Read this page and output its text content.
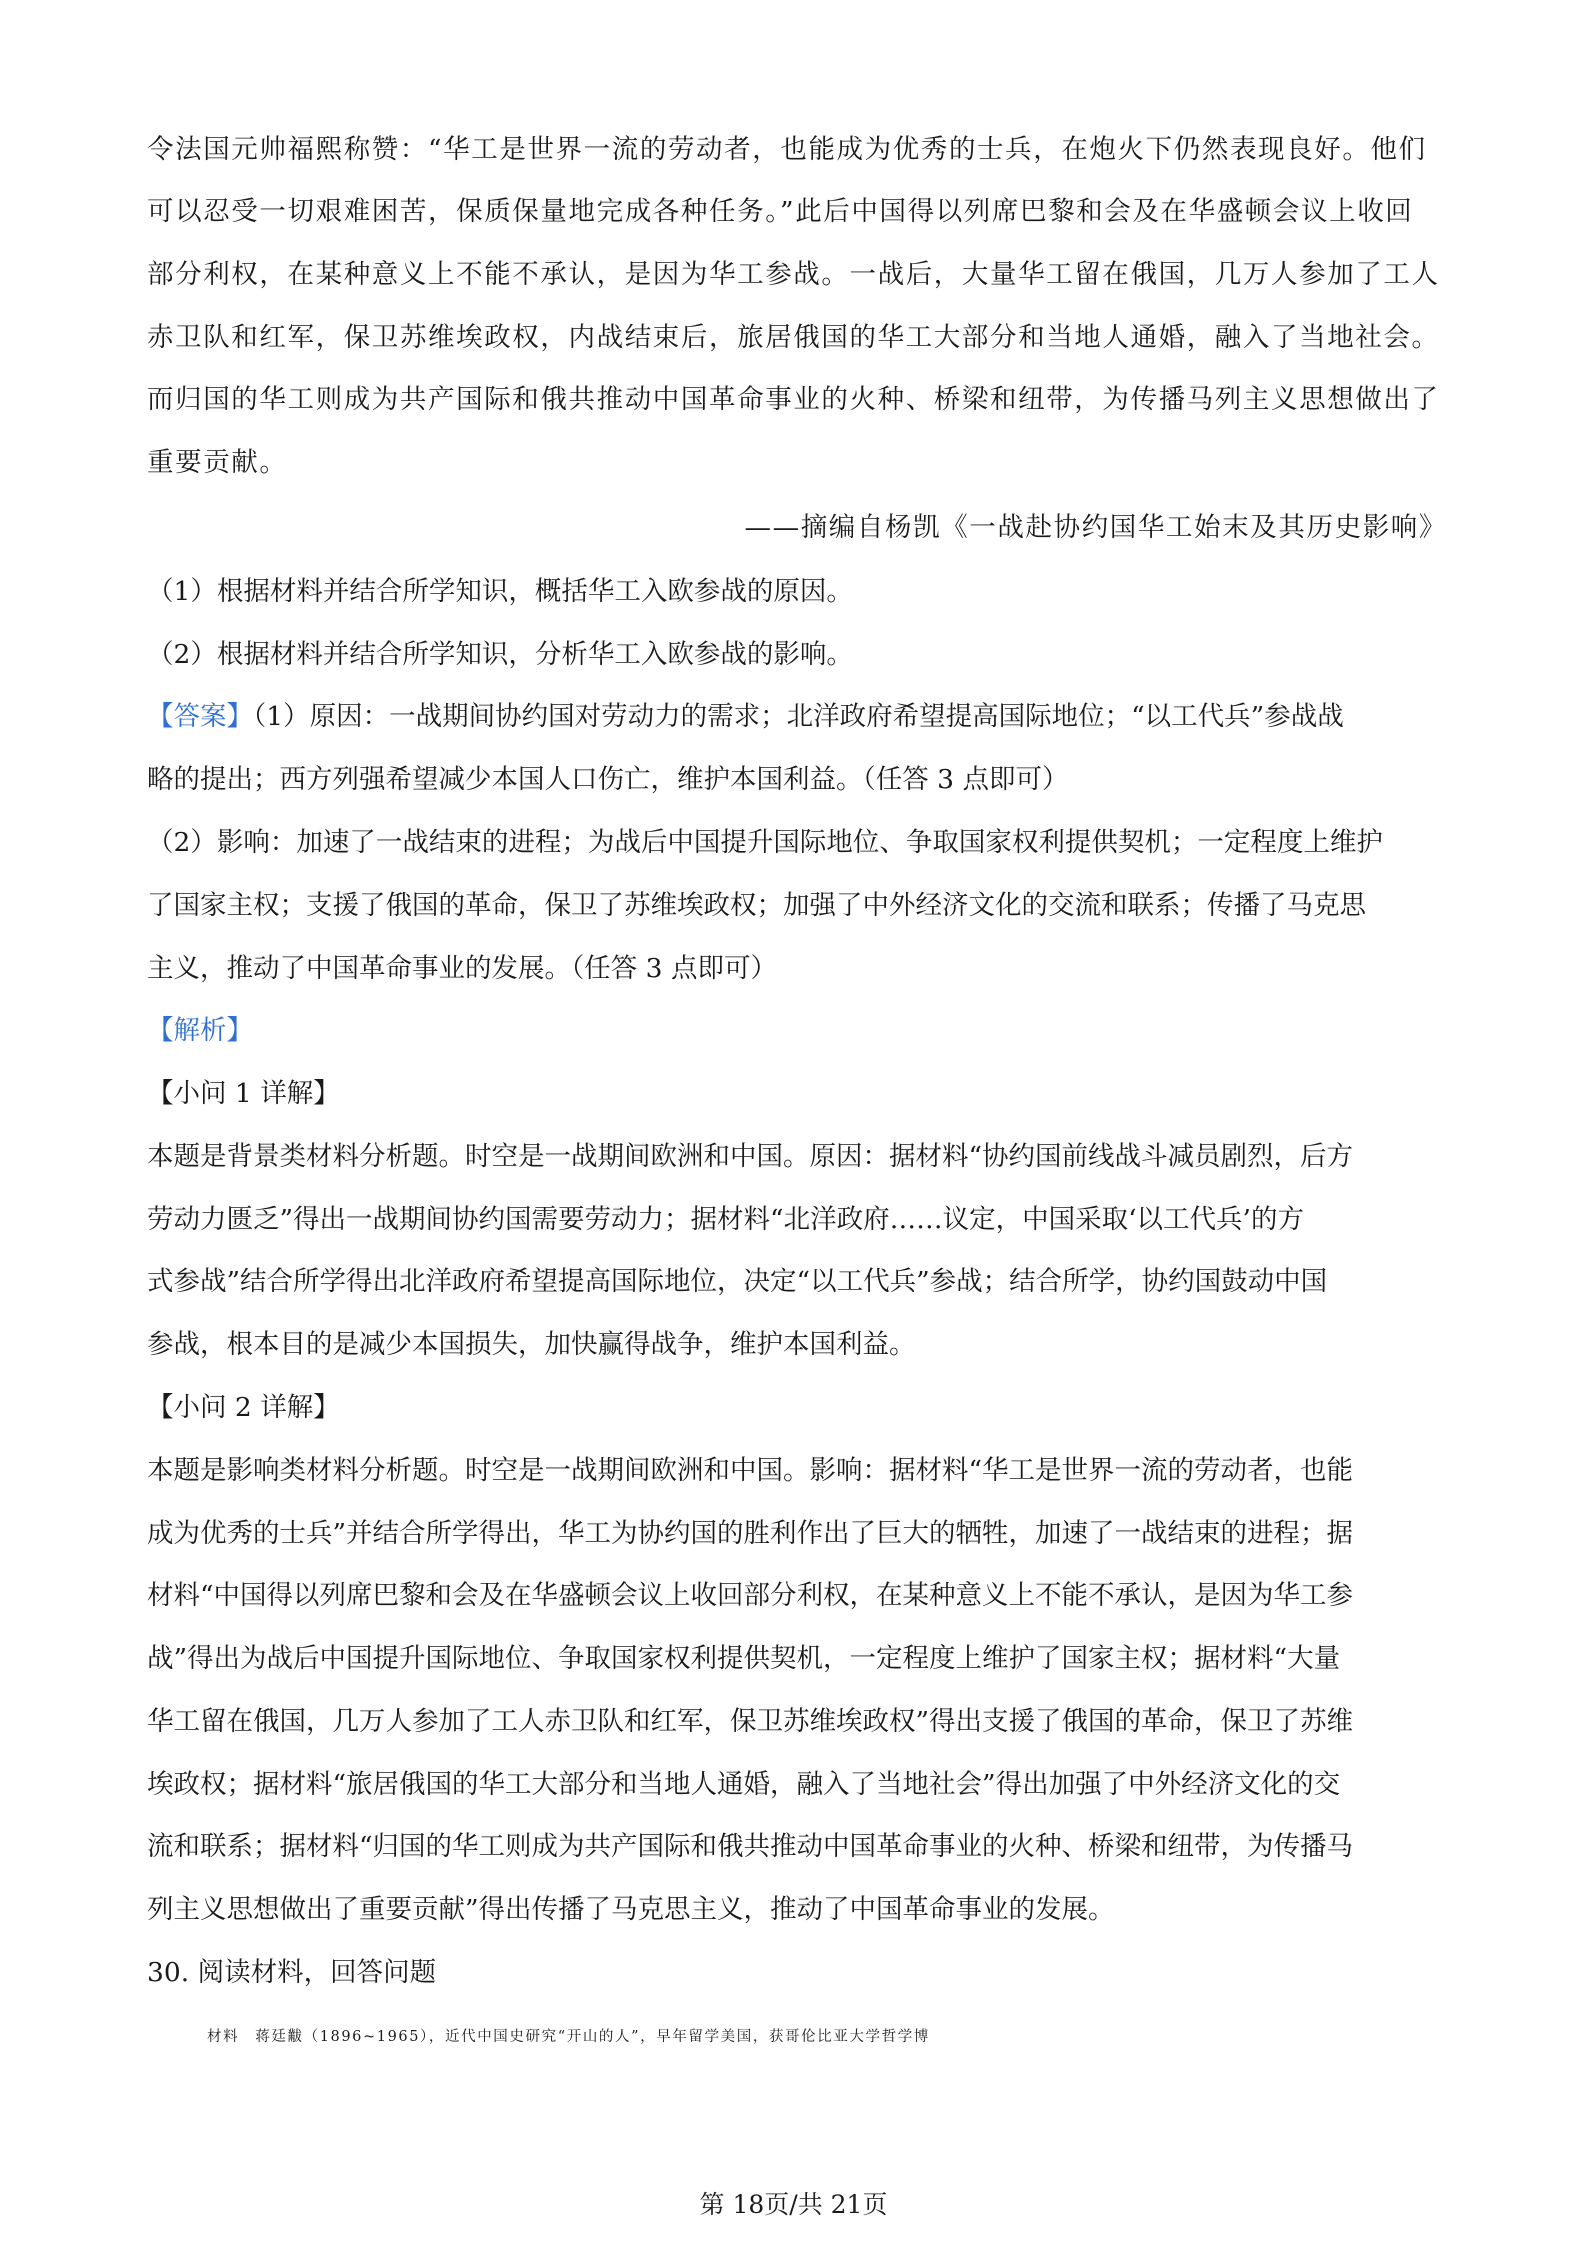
令法国元帅福熙称赞：“华工是世界一流的劳动者，也能成为优秀的士兵，在炮火下仍然表现良好。他们
可以忍受一切艰难困苦，保质保量地完成各种任务。”此后中国得以列席巴黎和会及在华盛顿会议上收回
部分利权，在某种意义上不能不承认，是因为华工参战。一战后，大量华工留在俄国，几万人参加了工人
赤卫队和红军，保卫苏维埃政权，内战结束后，旅居俄国的华工大部分和当地人通婚，融入了当地社会。
而归国的华工则成为共产国际和俄共推动中国革命事业的火种、桥梁和纽带，为传播马列主义思想做出了
重要贡献。
——摘编自杨凯《一战赴协约国华工始末及其历史影响》
（1）根据材料并结合所学知识，概括华工入欧参战的原因。
（2）根据材料并结合所学知识，分析华工入欧参战的影响。
【答案】（1）原因：一战期间协约国对劳动力的需求；北洋政府希望提高国际地位；“以工代兵”参战战
略的提出；西方列强希望减少本国人口伤亡，维护本国利益。（任答 3 点即可）
（2）影响：加速了一战结束的进程；为战后中国提升国际地位、争取国家权利提供契机；一定程度上维护
了国家主权；支援了俄国的革命，保卫了苏维埃政权；加强了中外经济文化的交流和联系；传播了马克思
主义，推动了中国革命事业的发展。（任答 3 点即可）
【解析】
【小问 1 详解】
本题是背景类材料分析题。时空是一战期间欧洲和中国。原因：据材料“协约国前线战斗减员剧烈，后方
劳动力匮乏”得出一战期间协约国需要劳动力；据材料“北洋政府……议定，中国采取‘以工代兵’的方
式参战”结合所学得出北洋政府希望提高国际地位，决定“以工代兵”参战；结合所学，协约国鼓动中国
参战，根本目的是减少本国损失，加快赢得战争，维护本国利益。
【小问 2 详解】
本题是影响类材料分析题。时空是一战期间欧洲和中国。影响：据材料“华工是世界一流的劳动者，也能
成为优秀的士兵”并结合所学得出，华工为协约国的胜利作出了巨大的牺牲，加速了一战结束的进程；据
材料“中国得以列席巴黎和会及在华盛顿会议上收回部分利权，在某种意义上不能不承认，是因为华工参
战”得出为战后中国提升国际地位、争取国家权利提供契机，一定程度上维护了国家主权；据材料“大量
华工留在俄国，几万人参加了工人赤卫队和红军，保卫苏维埃政权”得出支援了俄国的革命，保卫了苏维
埃政权；据材料“旅居俄国的华工大部分和当地人通婚，融入了当地社会”得出加强了中外经济文化的交
流和联系；据材料“归国的华工则成为共产国际和俄共推动中国革命事业的火种、桥梁和纽带，为传播马
列主义思想做出了重要贡献”得出传播了马克思主义，推动了中国革命事业的发展。
30. 阅读材料，回答问题
材料　蒋廷黻（1896~1965），近代中国史研究“开山的人”，早年留学美国，获哥伦比亚大学哲学博
第 18页/共 21页
